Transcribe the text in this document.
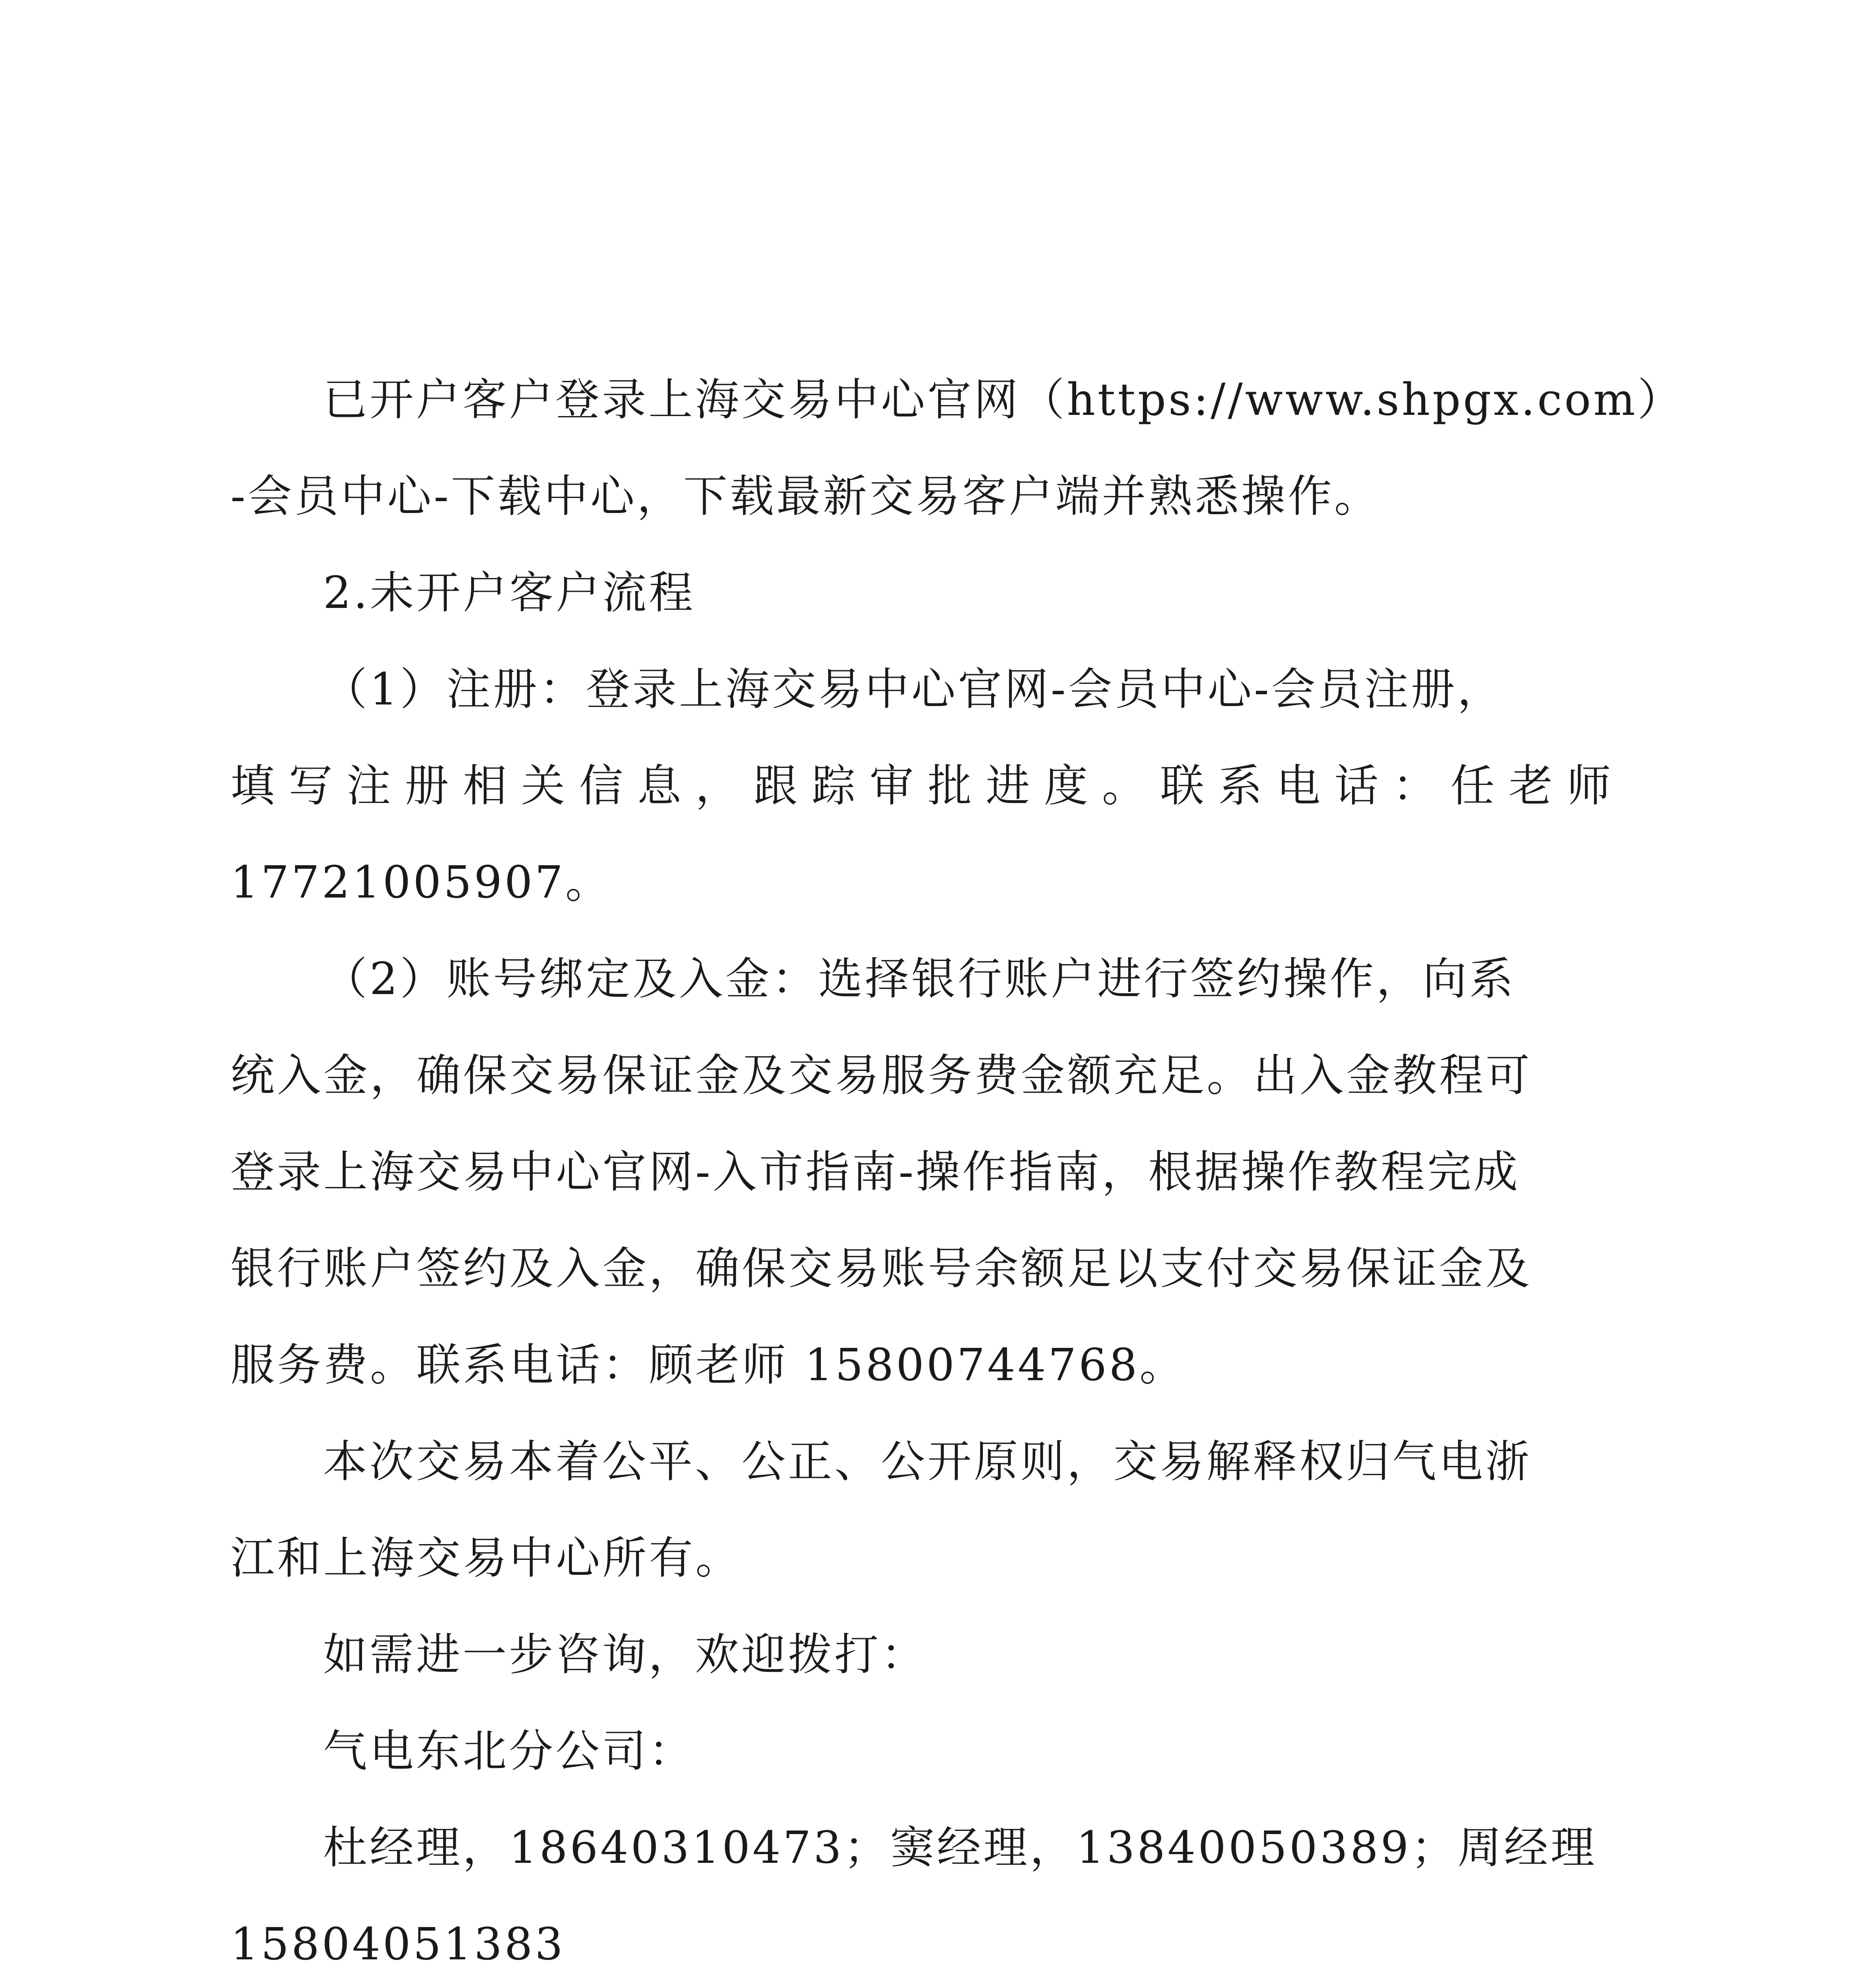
已开户客户登录上海交易中心官网（https://www.shpgx.com）
-会员中心-下载中心，下载最新交易客户端并熟悉操作。
2.未开户客户流程
（1）注册：登录上海交易中心官网-会员中心-会员注册，
填写注册相关信息，跟踪审批进度。联系电话：任老师
17721005907。
（2）账号绑定及入金：选择银行账户进行签约操作，向系
统入金，确保交易保证金及交易服务费金额充足。出入金教程可
登录上海交易中心官网-入市指南-操作指南，根据操作教程完成
银行账户签约及入金，确保交易账号余额足以支付交易保证金及
服务费。联系电话：顾老师 15800744768。
本次交易本着公平、公正、公开原则，交易解释权归气电浙
江和上海交易中心所有。
如需进一步咨询，欢迎拨打：
气电东北分公司：
杜经理，18640310473；窦经理，13840050389；周经理
15804051383
